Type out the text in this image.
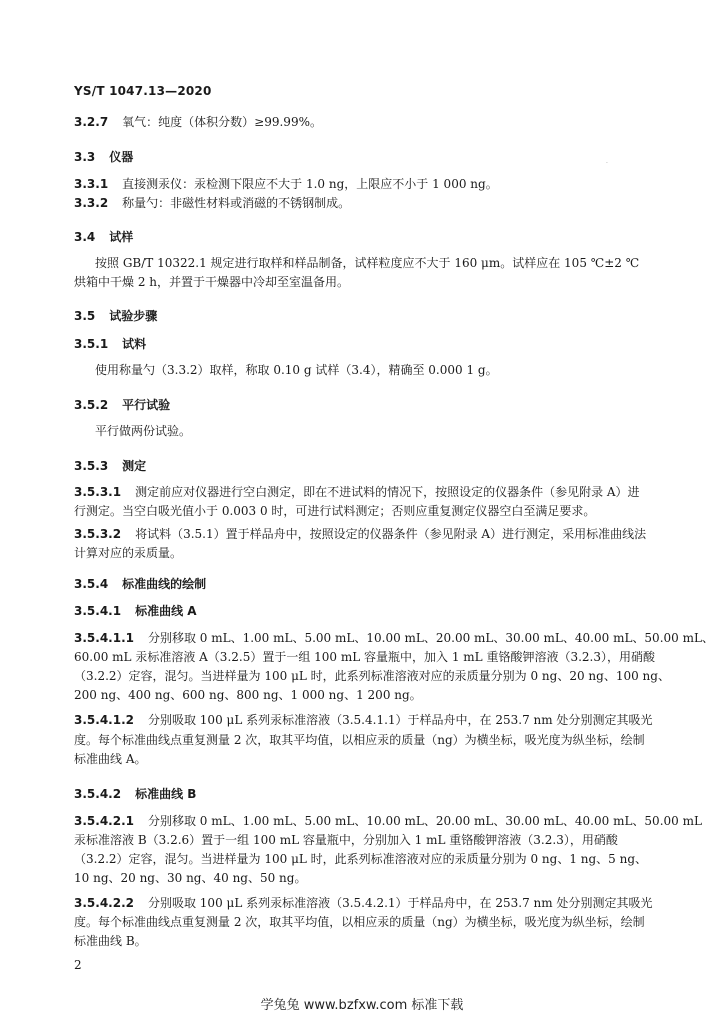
YS/T 1047.13—2020
·
3.2.7 氧气：纯度（体积分数）≥99.99%。
3.3 仪器
3.3.1 直接测汞仪：汞检测下限应不大于 1.0 ng，上限应不小于 1 000 ng。
3.3.2 称量勺：非磁性材料或消磁的不锈钢制成。
3.4 试样
按照 GB/T 10322.1 规定进行取样和样品制备，试样粒度应不大于 160 μm。试样应在 105 ℃±2 ℃
烘箱中干燥 2 h，并置于干燥器中冷却至室温备用。
3.5 试验步骤
3.5.1 试料
使用称量勺（3.3.2）取样，称取 0.10 g 试样（3.4），精确至 0.000 1 g。
3.5.2 平行试验
平行做两份试验。
3.5.3 测定
3.5.3.1 测定前应对仪器进行空白测定，即在不进试料的情况下，按照设定的仪器条件（参见附录 A）进
行测定。当空白吸光值小于 0.003 0 时，可进行试料测定；否则应重复测定仪器空白至满足要求。
3.5.3.2 将试料（3.5.1）置于样品舟中，按照设定的仪器条件（参见附录 A）进行测定，采用标准曲线法
计算对应的汞质量。
3.5.4 标准曲线的绘制
3.5.4.1 标准曲线 A
3.5.4.1.1 分别移取 0 mL、1.00 mL、5.00 mL、10.00 mL、20.00 mL、30.00 mL、40.00 mL、50.00 mL、
60.00 mL 汞标准溶液 A（3.2.5）置于一组 100 mL 容量瓶中，加入 1 mL 重铬酸钾溶液（3.2.3），用硝酸
（3.2.2）定容，混匀。当进样量为 100 μL 时，此系列标准溶液对应的汞质量分别为 0 ng、20 ng、100 ng、
200 ng、400 ng、600 ng、800 ng、1 000 ng、1 200 ng。
3.5.4.1.2 分别吸取 100 μL 系列汞标准溶液（3.5.4.1.1）于样品舟中，在 253.7 nm 处分别测定其吸光
度。每个标准曲线点重复测量 2 次，取其平均值，以相应汞的质量（ng）为横坐标，吸光度为纵坐标，绘制
标准曲线 A。
3.5.4.2 标准曲线 B
3.5.4.2.1 分别移取 0 mL、1.00 mL、5.00 mL、10.00 mL、20.00 mL、30.00 mL、40.00 mL、50.00 mL
汞标准溶液 B（3.2.6）置于一组 100 mL 容量瓶中，分别加入 1 mL 重铬酸钾溶液（3.2.3），用硝酸
（3.2.2）定容，混匀。当进样量为 100 μL 时，此系列标准溶液对应的汞质量分别为 0 ng、1 ng、5 ng、
10 ng、20 ng、30 ng、40 ng、50 ng。
3.5.4.2.2 分别吸取 100 μL 系列汞标准溶液（3.5.4.2.1）于样品舟中，在 253.7 nm 处分别测定其吸光
度。每个标准曲线点重复测量 2 次，取其平均值，以相应汞的质量（ng）为横坐标，吸光度为纵坐标，绘制
标准曲线 B。
2
学兔兔 www.bzfxw.com 标准下载
